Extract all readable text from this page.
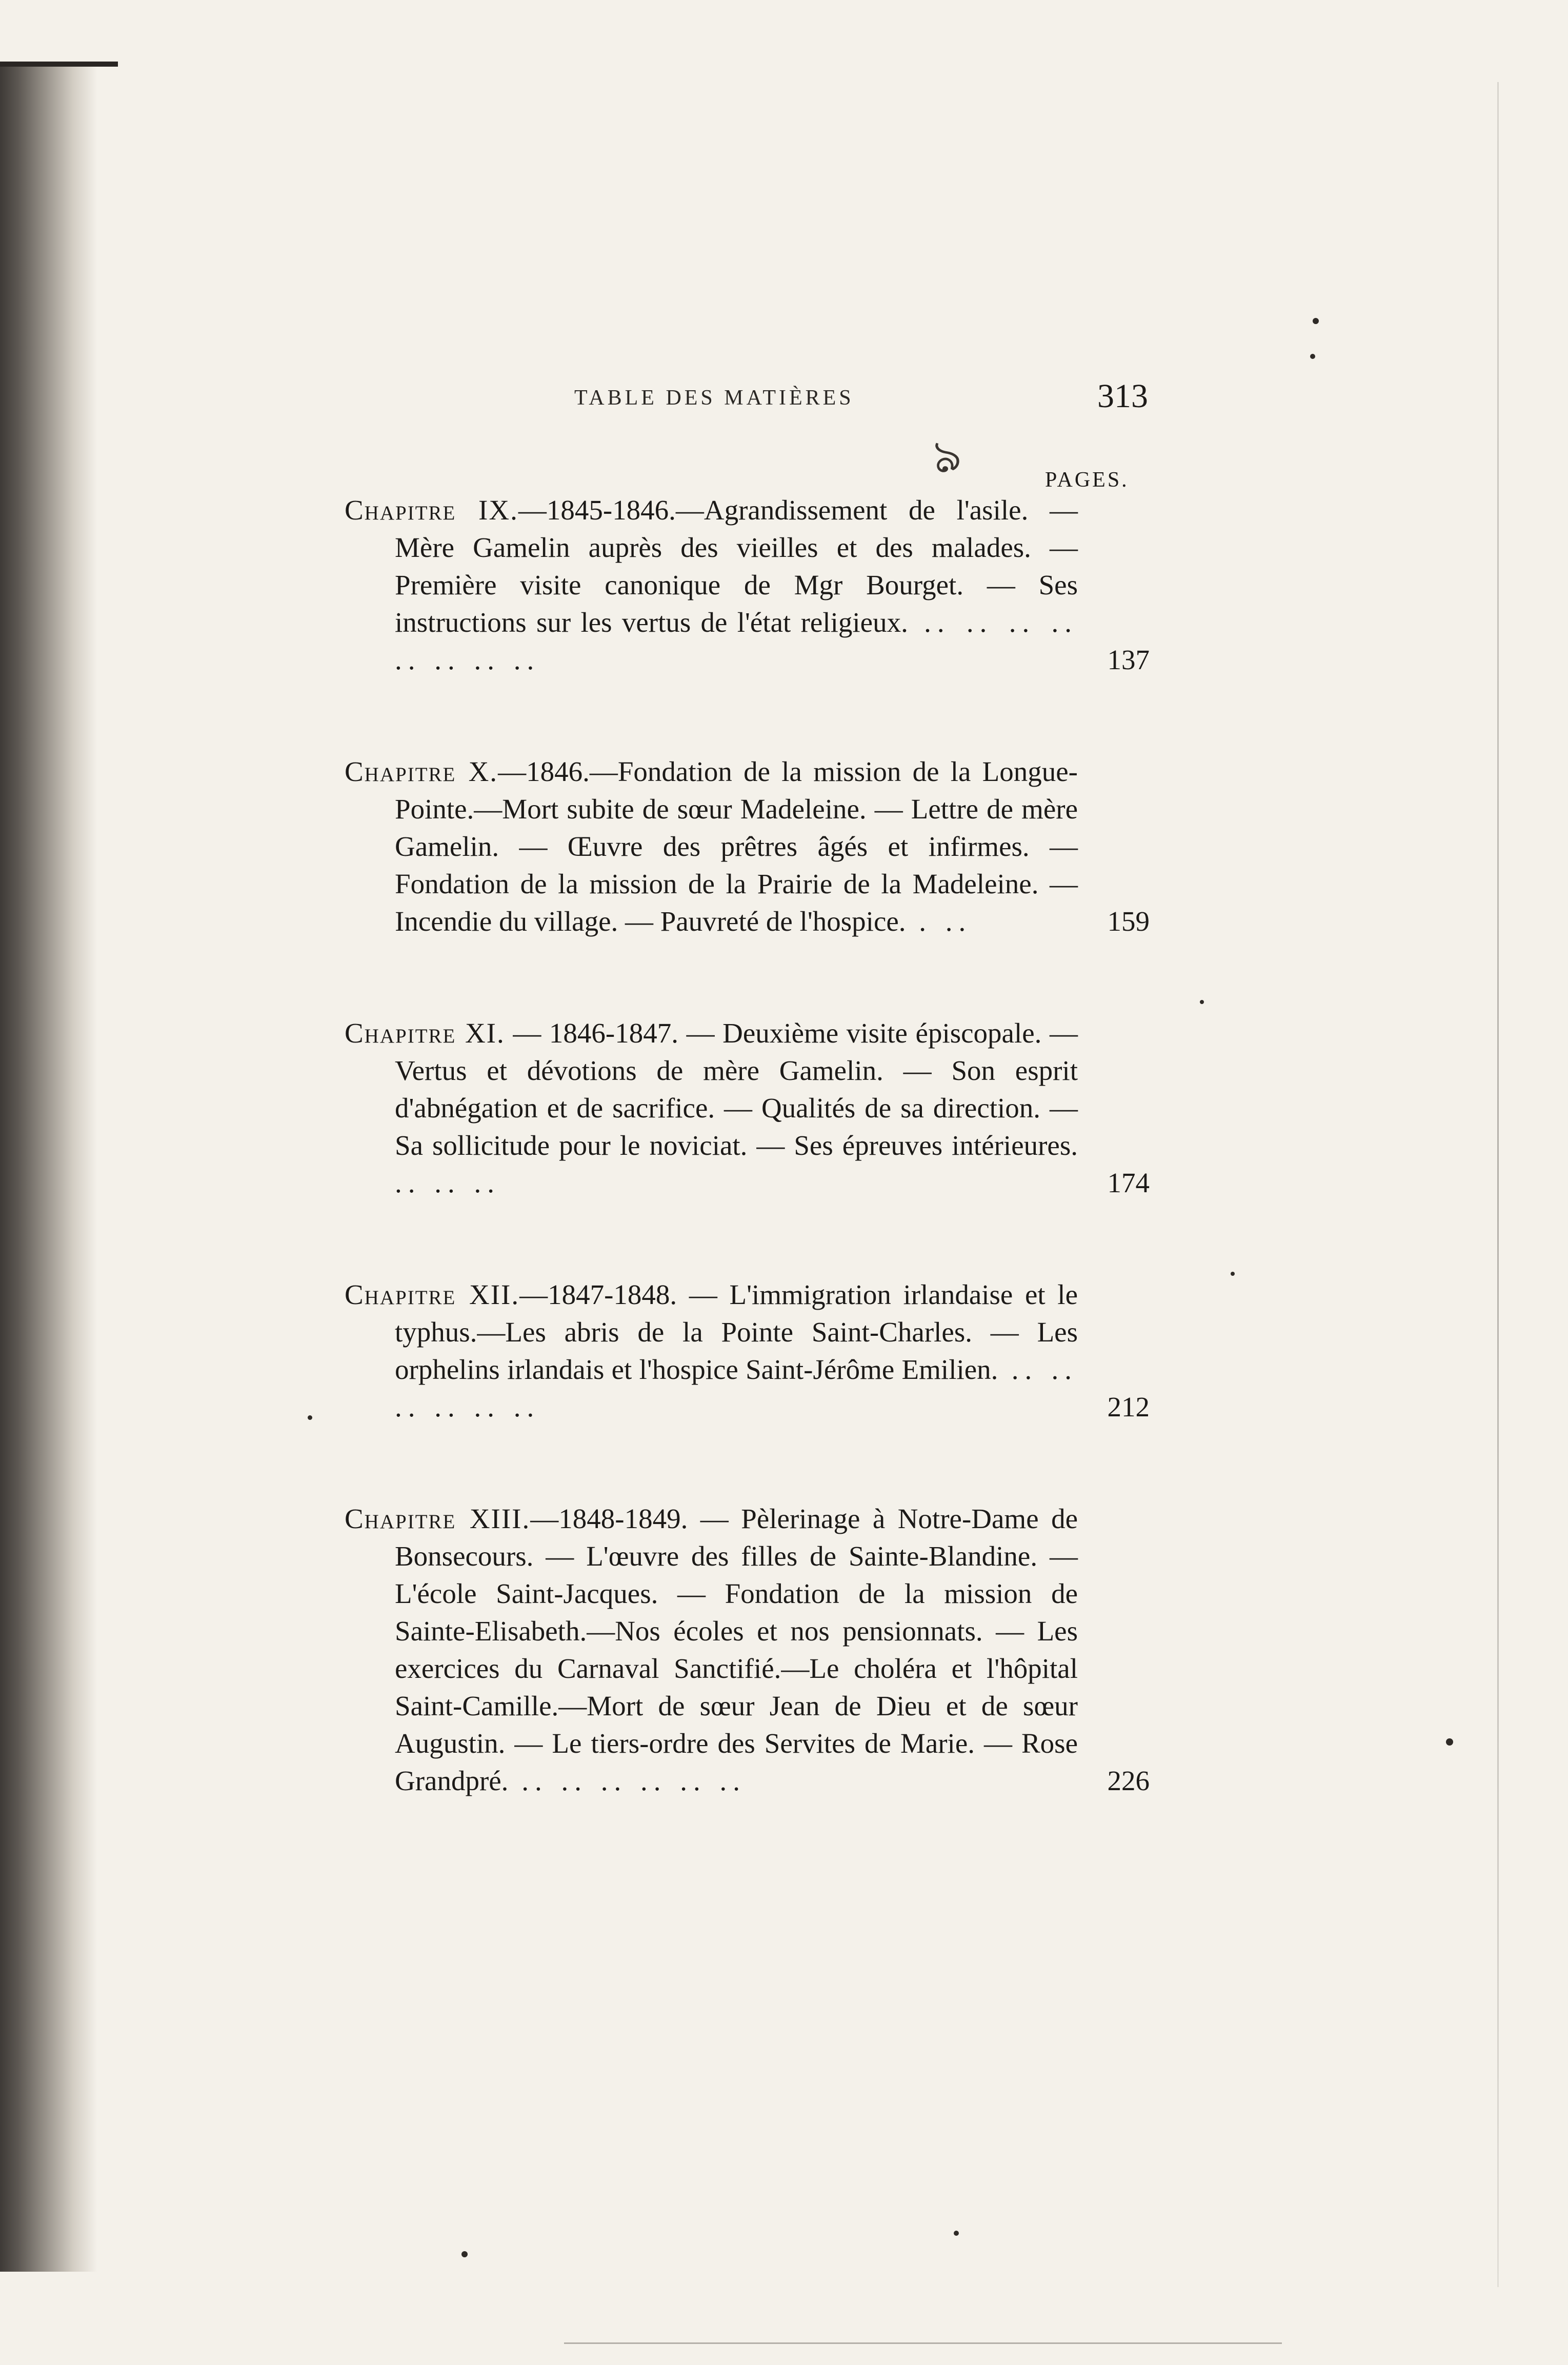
TABLE DES MATIÈRES	313
ঌ	PAGES.
Chapitre IX.—1845-1846.—Agrandissement de l'asile. — Mère Gamelin auprès des vieilles et des malades. — Première visite canonique de Mgr Bourget. — Ses instructions sur les vertus de l'état religieux. .. .. .. .. .. .. .. ..	137
Chapitre X.—1846.—Fondation de la mission de la Longue-Pointe.—Mort subite de sœur Madeleine. — Lettre de mère Gamelin. — Œuvre des prêtres âgés et infirmes. — Fondation de la mission de la Prairie de la Madeleine. — Incendie du village. — Pauvreté de l'hospice. . ..	159
Chapitre XI. — 1846-1847. — Deuxième visite épiscopale. — Vertus et dévotions de mère Gamelin. — Son esprit d'abnégation et de sacrifice. — Qualités de sa direction. — Sa sollicitude pour le noviciat. — Ses épreuves intérieures. .. .. ..	174
Chapitre XII.—1847-1848. — L'immigration irlandaise et le typhus.—Les abris de la Pointe Saint-Charles. — Les orphelins irlandais et l'hospice Saint-Jérôme Emilien. .. .. .. .. .. ..	212
Chapitre XIII.—1848-1849. — Pèlerinage à Notre-Dame de Bonsecours. — L'œuvre des filles de Sainte-Blandine. — L'école Saint-Jacques. — Fondation de la mission de Sainte-Elisabeth.—Nos écoles et nos pensionnats. — Les exercices du Carnaval Sanctifié.—Le choléra et l'hôpital Saint-Camille.—Mort de sœur Jean de Dieu et de sœur Augustin. — Le tiers-ordre des Servites de Marie. — Rose Grandpré. .. .. .. .. .. ..	226
